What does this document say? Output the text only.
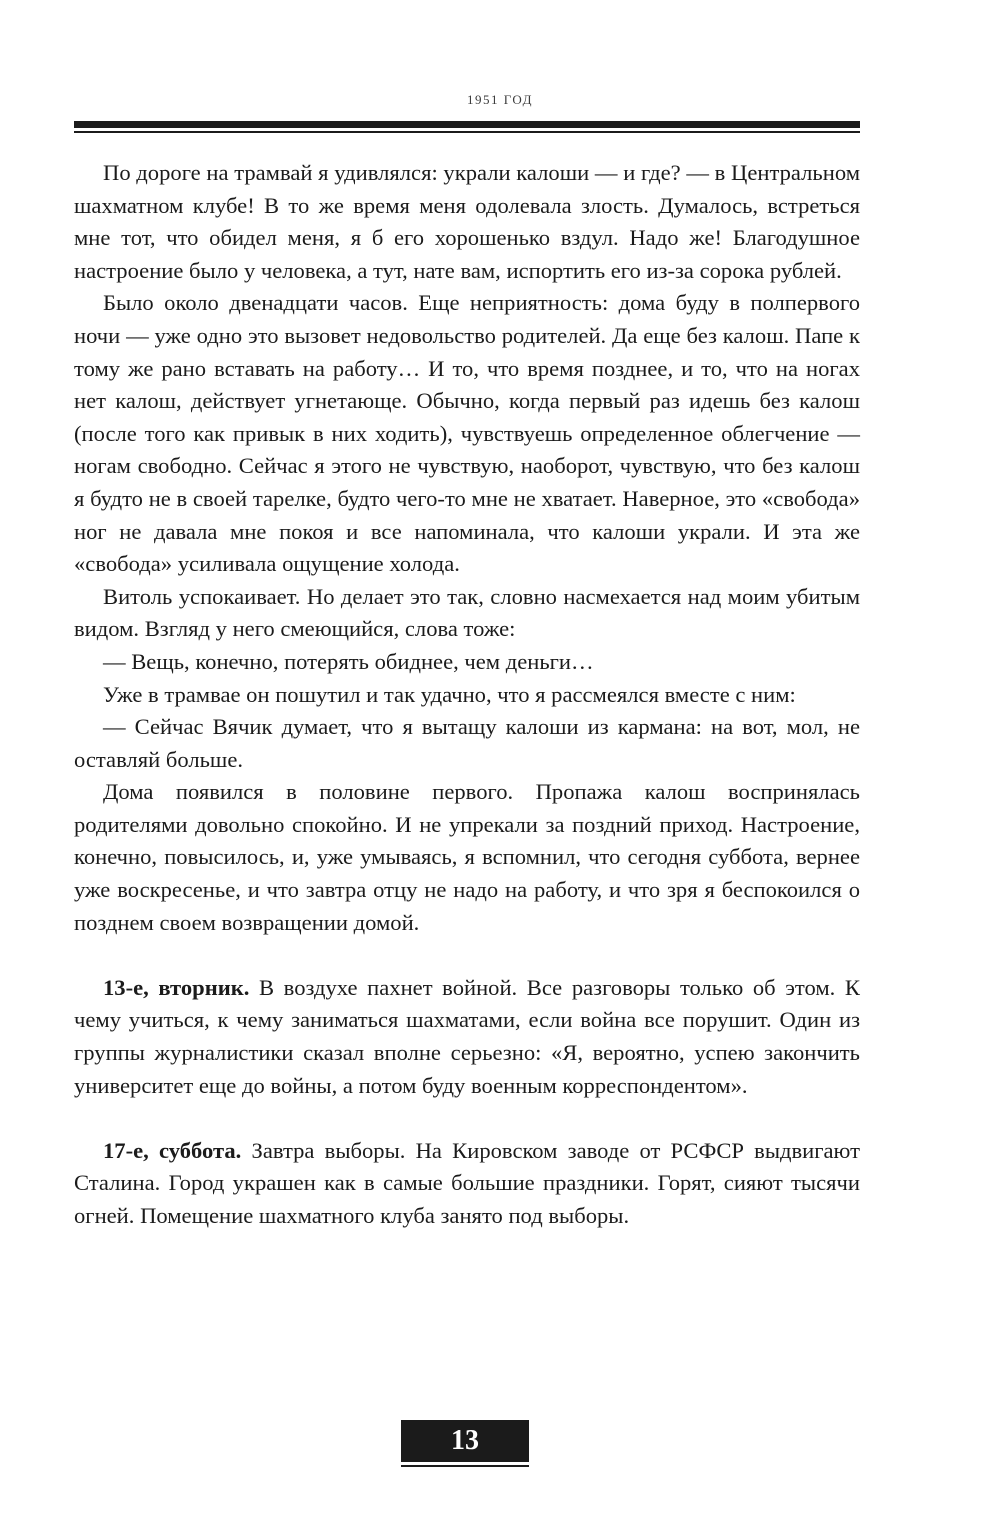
1951 ГОД

По дороге на трамвай я удивлялся: украли калоши — и где? — в Центральном шахматном клубе! В то же время меня одолевала злость. Думалось, встреться мне тот, что обидел меня, я б его хорошенько вздул. Надо же! Благодушное настроение было у человека, а тут, нате вам, испортить его из-за сорока рублей.

Было около двенадцати часов. Еще неприятность: дома буду в полпервого ночи — уже одно это вызовет недовольство родителей. Да еще без калош. Папе к тому же рано вставать на работу… И то, что время позднее, и то, что на ногах нет калош, действует угнетающе. Обычно, когда первый раз идешь без калош (после того как привык в них ходить), чувствуешь определенное облегчение — ногам свободно. Сейчас я этого не чувствую, наоборот, чувствую, что без калош я будто не в своей тарелке, будто чего-то мне не хватает. Наверное, это «свобода» ног не давала мне покоя и все напоминала, что калоши украли. И эта же «свобода» усиливала ощущение холода.

Витоль успокаивает. Но делает это так, словно насмехается над моим убитым видом. Взгляд у него смеющийся, слова тоже:

— Вещь, конечно, потерять обиднее, чем деньги…

Уже в трамвае он пошутил и так удачно, что я рассмеялся вместе с ним:

— Сейчас Вячик думает, что я вытащу калоши из кармана: на вот, мол, не оставляй больше.

Дома появился в половине первого. Пропажа калош воспринялась родителями довольно спокойно. И не упрекали за поздний приход. Настроение, конечно, повысилось, и, уже умываясь, я вспомнил, что сегодня суббота, вернее уже воскресенье, и что завтра отцу не надо на работу, и что зря я беспокоился о позднем своем возвращении домой.

13-е, вторник. В воздухе пахнет войной. Все разговоры только об этом. К чему учиться, к чему заниматься шахматами, если война все порушит. Один из группы журналистики сказал вполне серьезно: «Я, вероятно, успею закончить университет еще до войны, а потом буду военным корреспондентом».

17-е, суббота. Завтра выборы. На Кировском заводе от РСФСР выдвигают Сталина. Город украшен как в самые большие праздники. Горят, сияют тысячи огней. Помещение шахматного клуба занято под выборы.

13
